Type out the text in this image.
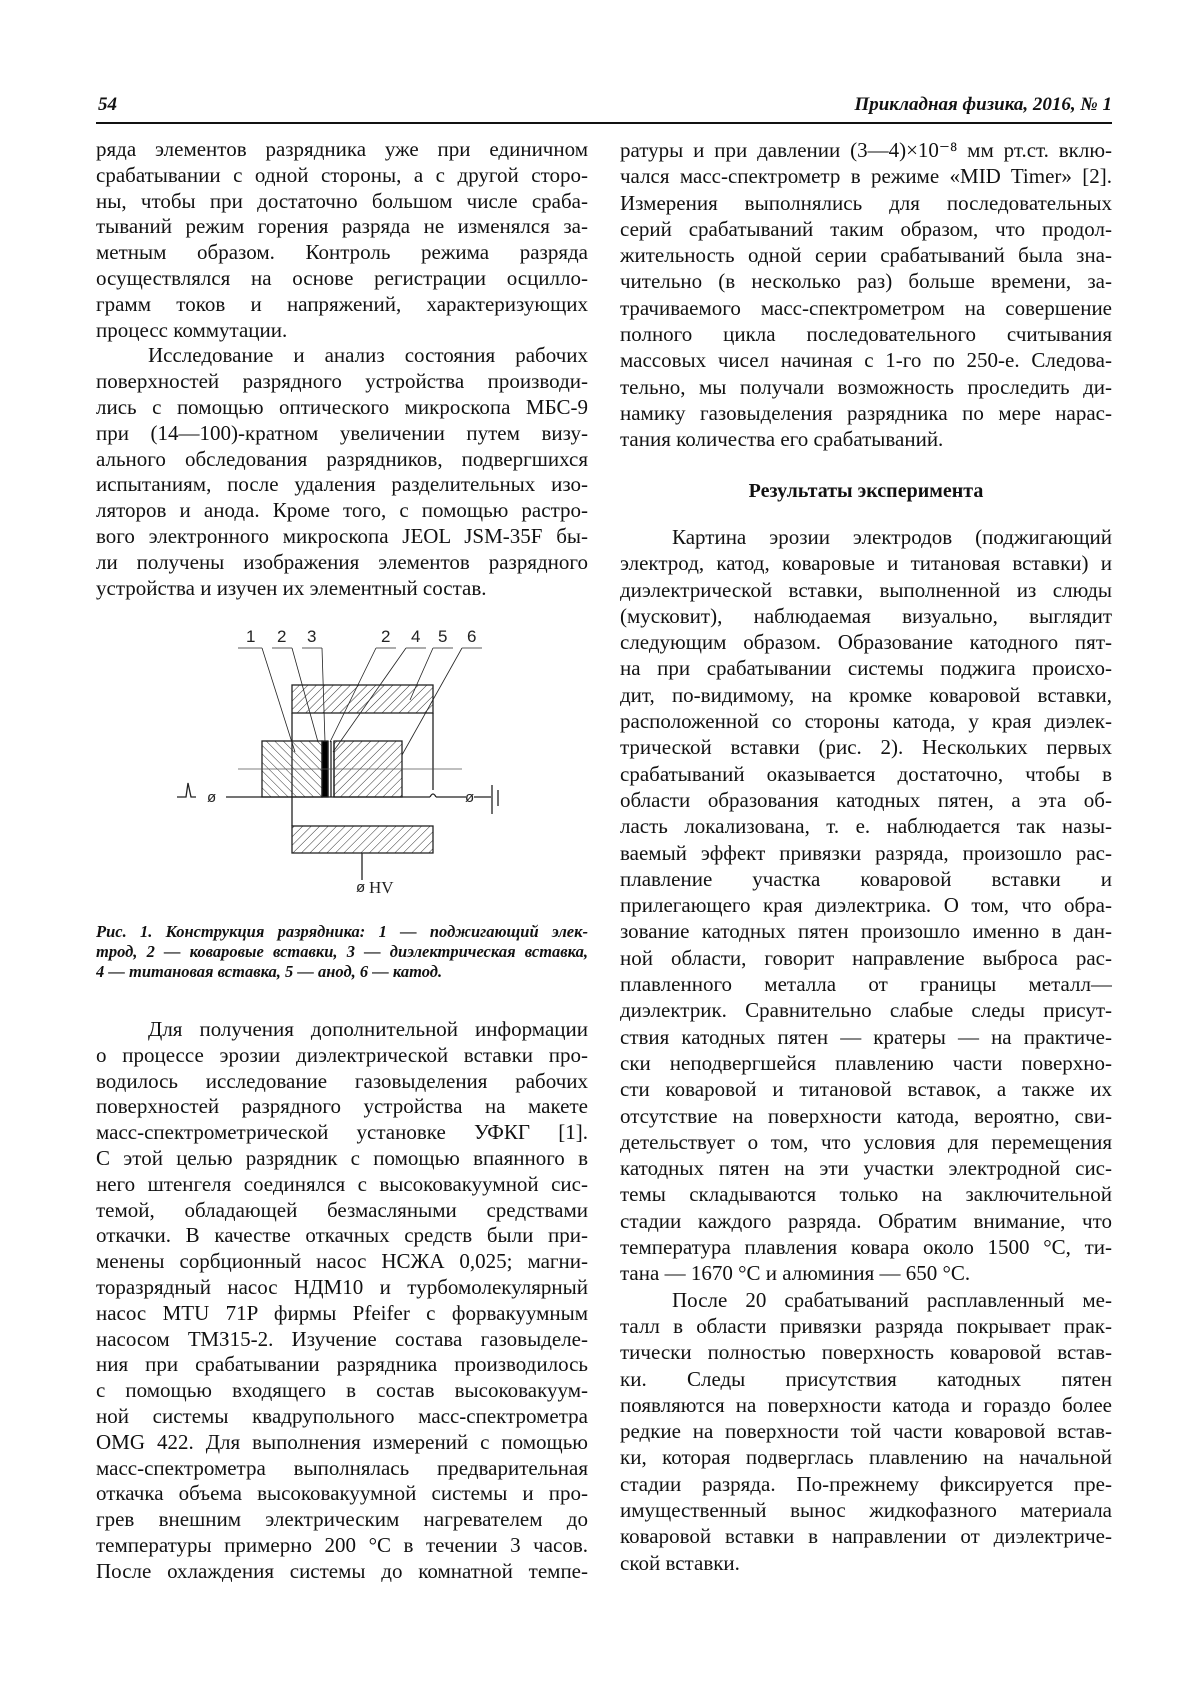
54	Прикладная физика, 2016, № 1
ряда элементов разрядника уже при единичном
срабатывании с одной стороны, а с другой сторо-
ны, чтобы при достаточно большом числе сраба-
тываний режим горения разряда не изменялся за-
метным образом. Контроль режима разряда
осуществлялся на основе регистрации осцилло-
грамм токов и напряжений, характеризующих
процесс коммутации.
Исследование и анализ состояния рабочих
поверхностей разрядного устройства производи-
лись с помощью оптического микроскопа МБС-9
при (14—100)-кратном увеличении путем визу-
ального обследования разрядников, подвергшихся
испытаниям, после удаления разделительных изо-
ляторов и анода. Кроме того, с помощью растро-
вого электронного микроскопа JEOL JSM-35F бы-
ли получены изображения элементов разрядного
устройства и изучен их элементный состав.
ø	ø
ø
1 2 3	2 4 5 6
HV
Рис. 1. Конструкция разрядника: 1 — поджигающий элек-
трод, 2 — коваровые вставки, 3 — диэлектрическая вставка,
4 — титановая вставка, 5 — анод, 6 — катод.
Для получения дополнительной информации
о процессе эрозии диэлектрической вставки про-
водилось исследование газовыделения рабочих
поверхностей разрядного устройства на макете
масс-спектрометрической установке УФКГ [1].
С этой целью разрядник с помощью впаянного в
него штенгеля соединялся с высоковакуумной сис-
темой, обладающей безмасляными средствами
откачки. В качестве откачных средств были при-
менены сорбционный насос НСЖА 0,025; магни-
торазрядный насос НДМ10 и турбомолекулярный
насос MTU 71P фирмы Pfeifer с форвакуумным
насосом ТМЗ15-2. Изучение состава газовыделе-
ния при срабатывании разрядника производилось
с помощью входящего в состав высоковакуум-
ной системы квадрупольного масс-спектрометра
OMG 422. Для выполнения измерений с помощью
масс-спектрометра выполнялась предварительная
откачка объема высоковакуумной системы и про-
грев внешним электрическим нагревателем до
температуры примерно 200 °С в течении 3 часов.
После охлаждения системы до комнатной темпе-
ратуры и при давлении (3—4)×10⁻⁸ мм рт.ст. вклю-
чался масс-спектрометр в режиме «MID Timer» [2].
Измерения выполнялись для последовательных
серий срабатываний таким образом, что продол-
жительность одной серии срабатываний была зна-
чительно (в несколько раз) больше времени, за-
трачиваемого масс-спектрометром на совершение
полного цикла последовательного считывания
массовых чисел начиная с 1-го по 250-е. Следова-
тельно, мы получали возможность проследить ди-
намику газовыделения разрядника по мере нарас-
тания количества его срабатываний.
Результаты эксперимента
Картина эрозии электродов (поджигающий
электрод, катод, коваровые и титановая вставки) и
диэлектрической вставки, выполненной из слюды
(мусковит), наблюдаемая визуально, выглядит
следующим образом. Образование катодного пят-
на при срабатывании системы поджига происхо-
дит, по-видимому, на кромке коваровой вставки,
расположенной со стороны катода, у края диэлек-
трической вставки (рис. 2). Нескольких первых
срабатываний оказывается достаточно, чтобы в
области образования катодных пятен, а эта об-
ласть локализована, т. е. наблюдается так назы-
ваемый эффект привязки разряда, произошло рас-
плавление участка коваровой вставки и
прилегающего края диэлектрика. О том, что обра-
зование катодных пятен произошло именно в дан-
ной области, говорит направление выброса рас-
плавленного металла от границы металл—
диэлектрик. Сравнительно слабые следы присут-
ствия катодных пятен — кратеры — на практиче-
ски неподвергшейся плавлению части поверхно-
сти коваровой и титановой вставок, а также их
отсутствие на поверхности катода, вероятно, сви-
детельствует о том, что условия для перемещения
катодных пятен на эти участки электродной сис-
темы складываются только на заключительной
стадии каждого разряда. Обратим внимание, что
температура плавления ковара около 1500 °С, ти-
тана — 1670 °С и алюминия — 650 °С.
После 20 срабатываний расплавленный ме-
талл в области привязки разряда покрывает прак-
тически полностью поверхность коваровой встав-
ки. Следы присутствия катодных пятен
появляются на поверхности катода и гораздо более
редкие на поверхности той части коваровой встав-
ки, которая подверглась плавлению на начальной
стадии разряда. По-прежнему фиксируется пре-
имущественный вынос жидкофазного материала
коваровой вставки в направлении от диэлектриче-
ской вставки.
